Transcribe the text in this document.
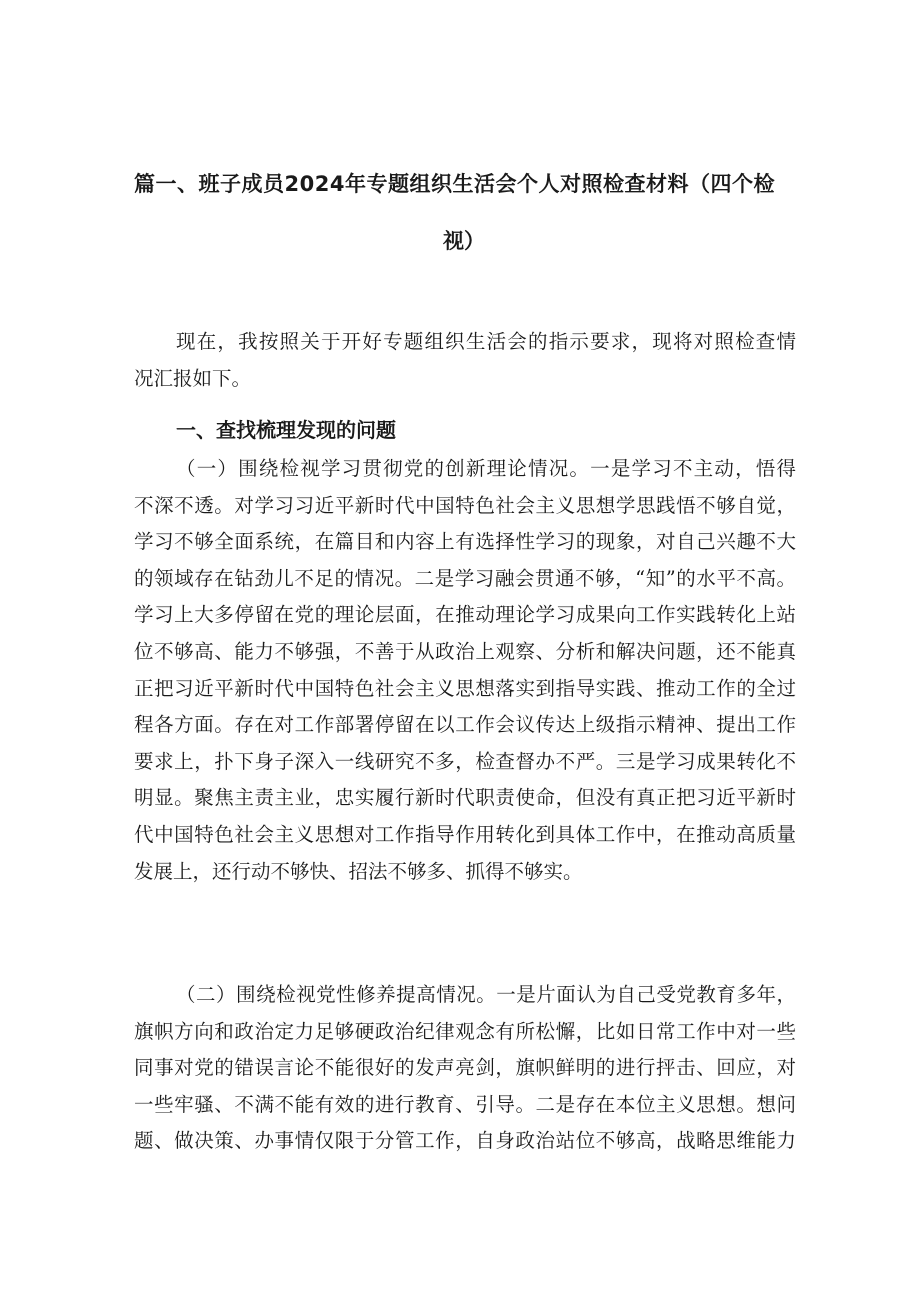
篇一、班子成员2024年专题组织生活会个人对照检查材料（四个检
视）
现在，我按照关于开好专题组织生活会的指示要求，现将对照检查情
况汇报如下。
一、查找梳理发现的问题
（一）围绕检视学习贯彻党的创新理论情况。一是学习不主动，悟得
不深不透。对学习习近平新时代中国特色社会主义思想学思践悟不够自觉，
学习不够全面系统，在篇目和内容上有选择性学习的现象，对自己兴趣不大
的领域存在钻劲儿不足的情况。二是学习融会贯通不够，“知”的水平不高。
学习上大多停留在党的理论层面，在推动理论学习成果向工作实践转化上站
位不够高、能力不够强，不善于从政治上观察、分析和解决问题，还不能真
正把习近平新时代中国特色社会主义思想落实到指导实践、推动工作的全过
程各方面。存在对工作部署停留在以工作会议传达上级指示精神、提出工作
要求上，扑下身子深入一线研究不多，检查督办不严。三是学习成果转化不
明显。聚焦主责主业，忠实履行新时代职责使命，但没有真正把习近平新时
代中国特色社会主义思想对工作指导作用转化到具体工作中，在推动高质量
发展上，还行动不够快、招法不够多、抓得不够实。
（二）围绕检视党性修养提高情况。一是片面认为自己受党教育多年，
旗帜方向和政治定力足够硬政治纪律观念有所松懈，比如日常工作中对一些
同事对党的错误言论不能很好的发声亮剑，旗帜鲜明的进行抨击、回应，对
一些牢骚、不满不能有效的进行教育、引导。二是存在本位主义思想。想问
题、做决策、办事情仅限于分管工作，自身政治站位不够高，战略思维能力
